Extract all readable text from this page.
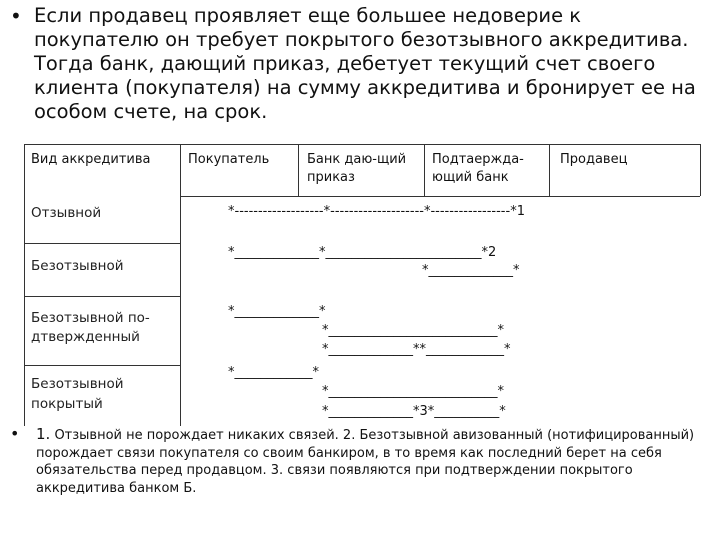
• Если продавец проявляет еще большее недоверие к покупателю он требует покрытого безотзывного аккредитива. Тогда банк, дающий приказ, дебетует текущий счет своего клиента (покупателя) на сумму аккредитива и бронирует ее на особом счете, на срок.
Вид аккредитива	Покупатель	Банк даю-щий
приказ
Подтаержда-
ющий банк
Продавец
Отзывной
Безотзывной
Безотзывной по-
дтвержденный
Безотзывной
покрытый
*-------------------*--------------------*-----------------*1
*_____________*________________________*2
*_____________*
*_____________*
*__________________________*
*_____________**____________*
*____________*
*__________________________*
*_____________*3*__________*
• 1. Отзывной не порождает никаких связей. 2. Безотзывной авизованный (нотифицированный) порождает связи покупателя со своим банкиром, в то время как последний берет на себя обязательства перед продавцом. 3. связи появляются при подтверждении покрытого аккредитива банком Б.
